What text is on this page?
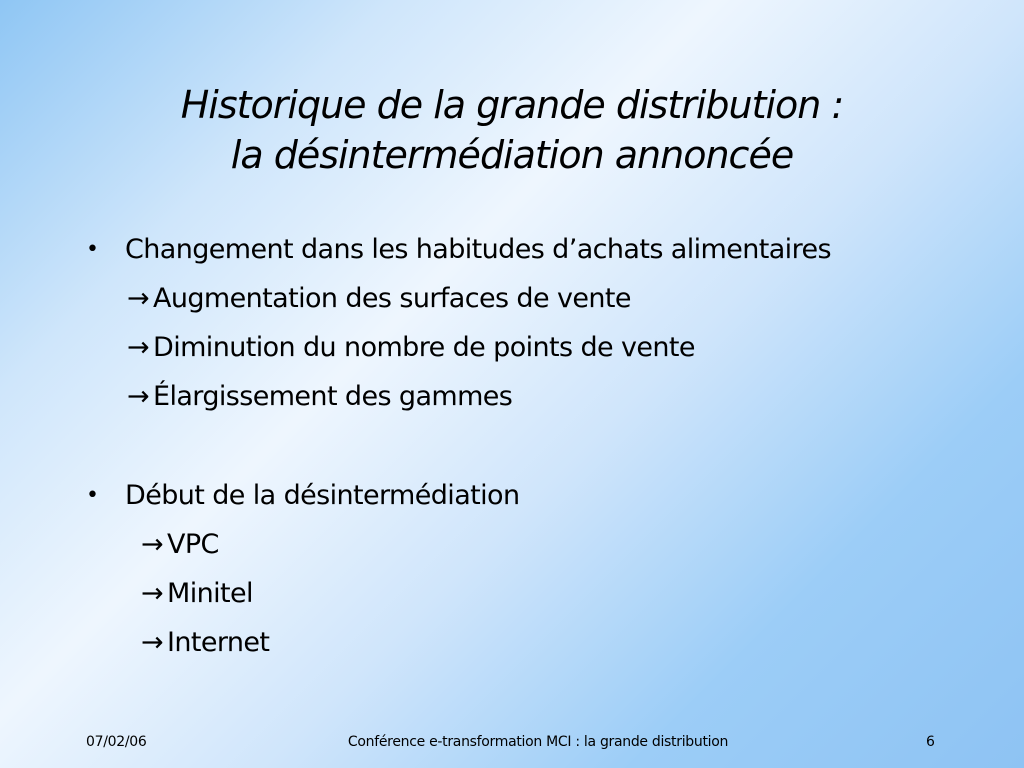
Historique de la grande distribution :
la désintermédiation annoncée
• Changement dans les habitudes d’achats alimentaires
→ Augmentation des surfaces de vente
→ Diminution du nombre de points de vente
→ Élargissement des gammes
• Début de la désintermédiation
→ VPC
→ Minitel
→ Internet
07/02/06	Conférence e-transformation MCI : la grande distribution	6
